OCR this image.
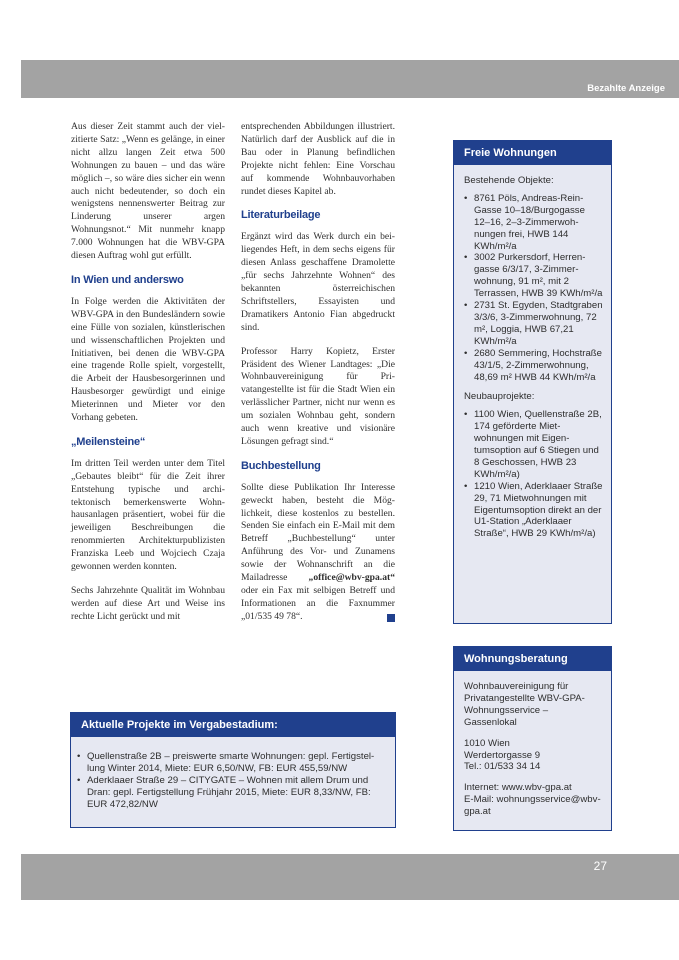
Bezahlte Anzeige

Aus dieser Zeit stammt auch der vielzitierte Satz: „Wenn es gelänge, in einer nicht allzu langen Zeit etwa 500 Wohnungen zu bauen – und das wäre möglich –, so wäre dies sicher ein wenn auch nicht bedeutender, so doch ein wenigstens nennenswerter Beitrag zur Linderung unserer argen Wohnungsnot.“ Mit nunmehr knapp 7.000 Wohnungen hat die WBV-GPA diesen Auftrag wohl gut erfüllt.

In Wien und anderswo

In Folge werden die Aktivitäten der WBV-GPA in den Bundesländern sowie eine Fülle von sozialen, künstlerischen und wissenschaftlichen Projekten und Initiativen, bei denen die WBV-GPA eine tragende Rolle spielt, vorgestellt, die Arbeit der Hausbesorgerinnen und Hausbesorger gewürdigt und einige Mieterinnen und Mieter vor den Vorhang gebeten.

„Meilensteine“

Im dritten Teil werden unter dem Titel „Gebautes bleibt“ für die Zeit ihrer Entstehung typische und architektonisch bemerkenswerte Wohnhausanlagen präsentiert, wobei für die jeweiligen Beschreibungen die renommierten Architekturpublizisten Franziska Leeb und Wojciech Czaja gewonnen werden konnten.

Sechs Jahrzehnte Qualität im Wohnbau werden auf diese Art und Weise ins rechte Licht gerückt und mit

entsprechenden Abbildungen illustriert. Natürlich darf der Ausblick auf die in Bau oder in Planung befindlichen Projekte nicht fehlen: Eine Vorschau auf kommende Wohnbauvorhaben rundet dieses Kapitel ab.

Literaturbeilage

Ergänzt wird das Werk durch ein beiliegendes Heft, in dem sechs eigens für diesen Anlass geschaffene Dramolette „für sechs Jahrzehnte Wohnen“ des bekannten österreichischen Schriftstellers, Essayisten und Dramatikers Antonio Fian abgedruckt sind.

Professor Harry Kopietz, Erster Präsident des Wiener Landtages: „Die Wohnbauvereinigung für Privatangestellte ist für die Stadt Wien ein verlässlicher Partner, nicht nur wenn es um sozialen Wohnbau geht, sondern auch wenn kreative und visionäre Lösungen gefragt sind.“

Buchbestellung

Sollte diese Publikation Ihr Interesse geweckt haben, besteht die Möglichkeit, diese kostenlos zu bestellen. Senden Sie einfach ein E-Mail mit dem Betreff „Buchbestellung“ unter Anführung des Vor- und Zunamens sowie der Wohnanschrift an die Mailadresse „office@wbv-gpa.at“ oder ein Fax mit selbigen Betreff und Informationen an die Faxnummer „01/535 49 78“.

Freie Wohnungen

Bestehende Objekte:

• 8761 Pöls, Andreas-Rein-Gasse 10–18/Burgogasse 12–16, 2–3-Zimmerwohnungen frei, HWB 144 KWh/m²/a
• 3002 Purkersdorf, Herrengasse 6/3/17, 3-Zimmerwohnung, 91 m², mit 2 Terrassen, HWB 39 KWh/m²/a
• 2731 St. Egyden, Stadtgraben 3/3/6, 3-Zimmerwohnung, 72 m², Loggia, HWB 67,21 KWh/m²/a
• 2680 Semmering, Hochstraße 43/1/5, 2-Zimmerwohnung, 48,69 m² HWB 44 KWh/m²/a

Neubauprojekte:

• 1100 Wien, Quellenstraße 2B, 174 geförderte Mietwohnungen mit Eigentumsoption auf 6 Stiegen und 8 Geschossen, HWB 23 KWh/m²/a)
• 1210 Wien, Aderklaaer Straße 29, 71 Mietwohnungen mit Eigentumsoption direkt an der U1-Station „Aderklaaer Straße“, HWB 29 KWh/m²/a)
Wohnungsberatung

Wohnbauvereinigung für Privatangestellte WBV-GPA-Wohnungsservice – Gassenlokal

1010 Wien
Werdertorgasse 9
Tel.: 01/533 34 14

Internet: www.wbv-gpa.at
E-Mail: wohnungsservice@wbv-gpa.at

Aktuelle Projekte im Vergabestadium:
• Quellenstraße 2B – preiswerte smarte Wohnungen: gepl. Fertigstellung Winter 2014, Miete: EUR 6,50/NW, FB: EUR 455,59/NW
• Aderklaaer Straße 29 – CITYGATE – Wohnen mit allem Drum und Dran: gepl. Fertigstellung Frühjahr 2015, Miete: EUR 8,33/NW, FB: EUR 472,82/NW
27
